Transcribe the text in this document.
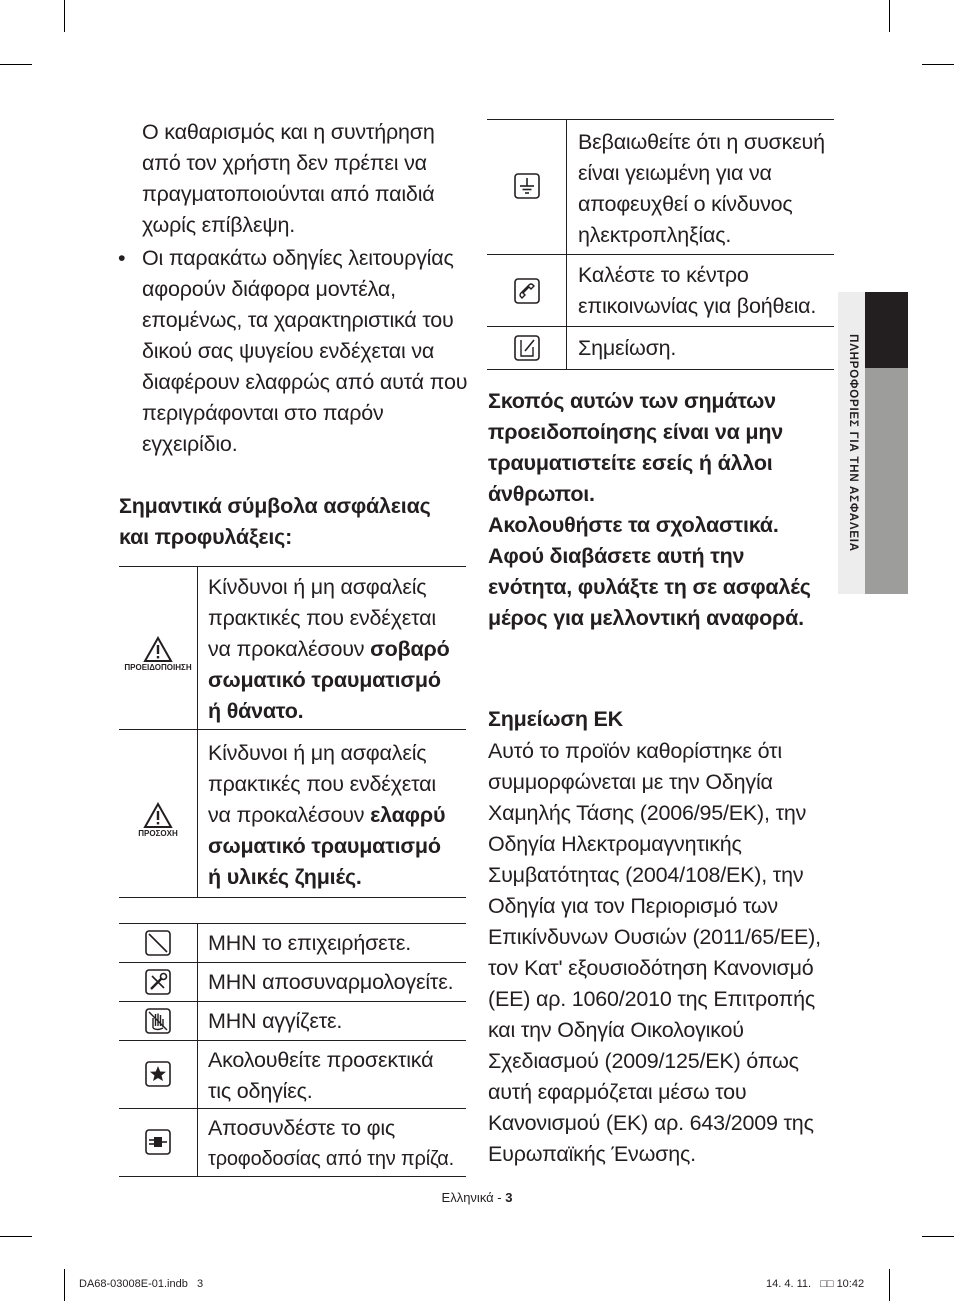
Ο καθαρισμός και η συντήρηση από τον χρήστη δεν πρέπει να πραγματοποιούνται από παιδιά χωρίς επίβλεψη.
• Οι παρακάτω οδηγίες λειτουργίας αφορούν διάφορα μοντέλα, επομένως, τα χαρακτηριστικά του δικού σας ψυγείου ενδέχεται να διαφέρουν ελαφρώς από αυτά που περιγράφονται στο παρόν εγχειρίδιο.
Σημαντικά σύμβολα ασφάλειας και προφυλάξεις:
ΠΡΟΕΙΔΟΠΟΙΗΣΗ
Κίνδυνοι ή μη ασφαλείς πρακτικές που ενδέχεται να προκαλέσουν σοβαρό σωματικό τραυματισμό ή θάνατο.
ΠΡΟΣΟΧΗ
Κίνδυνοι ή μη ασφαλείς πρακτικές που ενδέχεται να προκαλέσουν ελαφρύ σωματικό τραυματισμό ή υλικές ζημιές.
ΜΗΝ το επιχειρήσετε.
ΜΗΝ αποσυναρμολογείτε.
ΜΗΝ αγγίζετε.
Ακολουθείτε προσεκτικά τις οδηγίες.
Αποσυνδέστε το φις
τροφοδοσίας από την πρίζα.
Βεβαιωθείτε ότι η συσκευή είναι γειωμένη για να αποφευχθεί ο κίνδυνος ηλεκτροπληξίας.
Καλέστε το κέντρο επικοινωνίας για βοήθεια.
Σημείωση.
Σκοπός αυτών των σημάτων προειδοποίησης είναι να μην τραυματιστείτε εσείς ή άλλοι άνθρωποι.
Ακολουθήστε τα σχολαστικά.
Αφού διαβάσετε αυτή την ενότητα, φυλάξτε τη σε ασφαλές μέρος για μελλοντική αναφορά.
Σημείωση ΕΚ
Αυτό το προϊόν καθορίστηκε ότι συμμορφώνεται με την Οδηγία Χαμηλής Τάσης (2006/95/ΕΚ), την Οδηγία Ηλεκτρομαγνητικής Συμβατότητας (2004/108/ΕΚ), την Οδηγία για τον Περιορισμό των Επικίνδυνων Ουσιών (2011/65/ΕΕ), τον Κατ' εξουσιοδότηση Κανονισμό (ΕΕ) αρ. 1060/2010 της Επιτροπής και την Οδηγία Οικολογικού Σχεδιασμού (2009/125/ΕΚ) όπως αυτή εφαρμόζεται μέσω του Κανονισμού (ΕΚ) αρ. 643/2009 της Ευρωπαϊκής Ένωσης.
ΠΛΗΡΟΦΟΡΙΕΣ ΓΙΑ ΤΗΝ ΑΣΦΑΛΕΙΑ
Ελληνικά - 3
DA68-03008E-01.indb   3	14. 4. 11.   □□ 10:42
